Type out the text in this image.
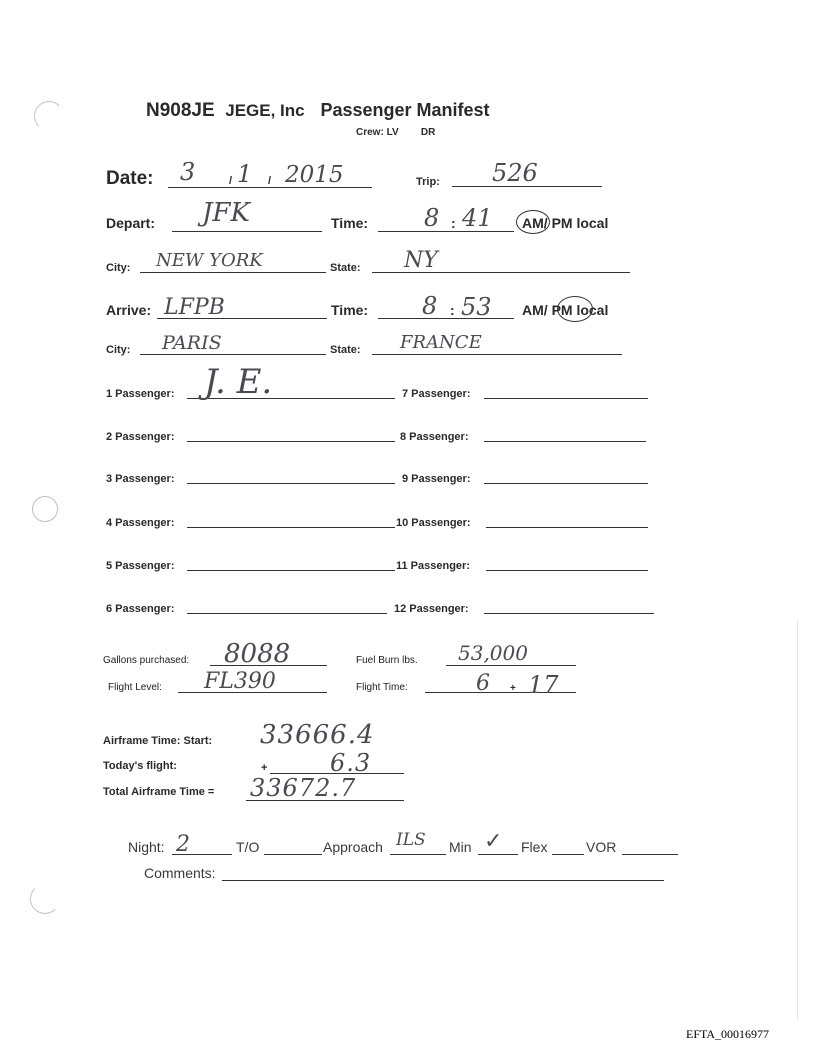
N908JE JEGE, Inc Passenger Manifest
Crew: LV DR
Date: 3	/ 1 / 2015	Trip: 526
Depart: JFK	Time: 8 : 41 AM/ PM local
City: NEW YORK	State: NY
Arrive: LFPB	Time: 8 : 53 AM/ PM local
City: PARIS	State: FRANCE
1 Passenger: J. E.
2 Passenger:
3 Passenger:
4 Passenger:
5 Passenger:
6 Passenger:
7 Passenger:
8 Passenger:
9 Passenger:
10 Passenger:
11 Passenger:
12 Passenger:
Gallons purchased: 8088	Fuel Burn lbs. 53,000
Flight Level: FL390	Flight Time:	6 + 17
Airframe Time: Start: 33666.4
Today's flight:	+	6.3
Total Airframe Time = 33672.7
Night: 2	T/O	Approach ILS Min ✓ Flex	VOR
Comments:
EFTA_00016977
